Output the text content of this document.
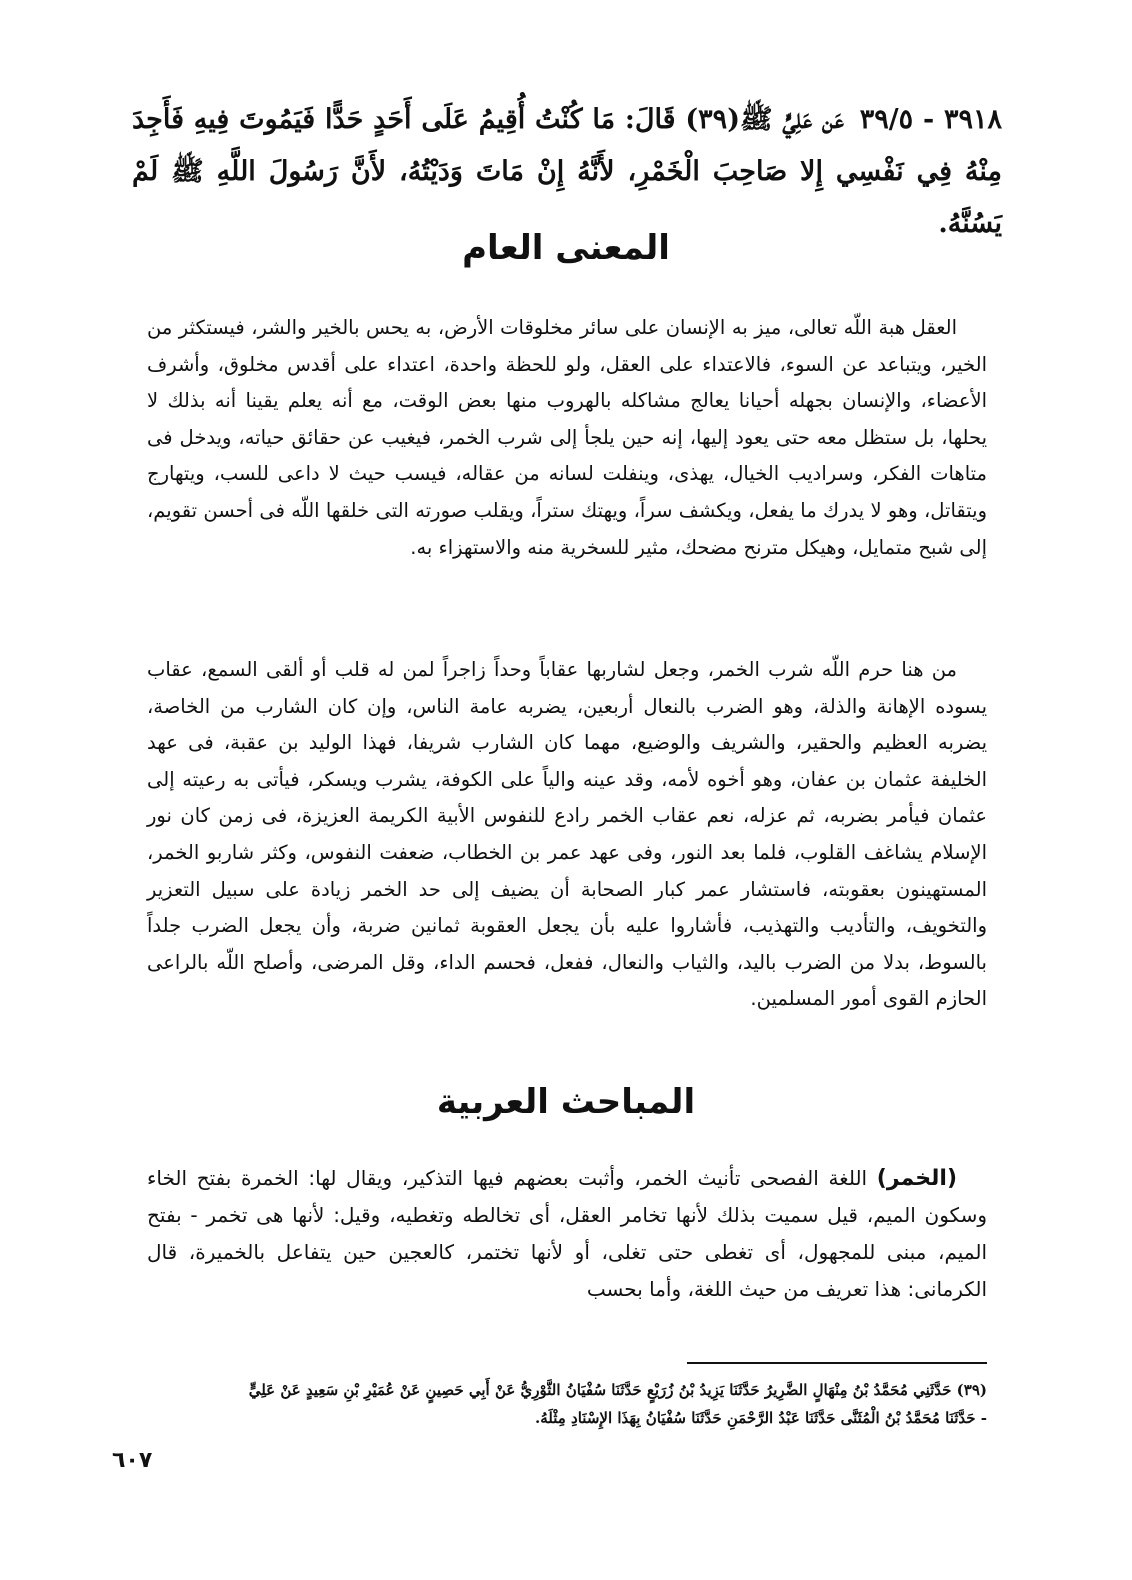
٣٩١٨ - ٣٩/٥ عَن عَلِيٍّ ﷺ(٣٩) قَالَ: مَا كُنْتُ أُقِيمُ عَلَى أَحَدٍ حَدًّا فَيَمُوتَ فِيهِ فَأَجِدَ مِنْهُ فِي نَفْسِي إِلا صَاحِبَ الْخَمْرِ، لأَنَّهُ إِنْ مَاتَ وَدَيْتُهُ، لأَنَّ رَسُولَ اللَّهِ ﷺ لَمْ يَسُنَّهُ.
المعنى العام

العقل هبة اللّه تعالى، ميز به الإنسان على سائر مخلوقات الأرض، به يحس بالخير والشر، فيستكثر من الخير، ويتباعد عن السوء، فالاعتداء على العقل، ولو للحظة واحدة، اعتداء على أقدس مخلوق، وأشرف الأعضاء، والإنسان بجهله أحيانا يعالج مشاكله بالهروب منها بعض الوقت، مع أنه يعلم يقينا أنه بذلك لا يحلها، بل ستظل معه حتى يعود إليها، إنه حين يلجأ إلى شرب الخمر، فيغيب عن حقائق حياته، ويدخل فى متاهات الفكر، وسراديب الخيال، يهذى، وينفلت لسانه من عقاله، فيسب حيث لا داعى للسب، ويتهارج ويتقاتل، وهو لا يدرك ما يفعل، ويكشف سراً، ويهتك ستراً، ويقلب صورته التى خلقها اللّه فى أحسن تقويم، إلى شبح متمايل، وهيكل مترنح مضحك، مثير للسخرية منه والاستهزاء به.

من هنا حرم اللّه شرب الخمر، وجعل لشاربها عقاباً وحداً زاجراً لمن له قلب أو ألقى السمع، عقاب يسوده الإهانة والذلة، وهو الضرب بالنعال أربعين، يضربه عامة الناس، وإن كان الشارب من الخاصة، يضربه العظيم والحقير، والشريف والوضيع، مهما كان الشارب شريفا، فهذا الوليد بن عقبة، فى عهد الخليفة عثمان بن عفان، وهو أخوه لأمه، وقد عينه والياً على الكوفة، يشرب ويسكر، فيأتى به رعيته إلى عثمان فيأمر بضربه، ثم عزله، نعم عقاب الخمر رادع للنفوس الأبية الكريمة العزيزة، فى زمن كان نور الإسلام يشاغف القلوب، فلما بعد النور، وفى عهد عمر بن الخطاب، ضعفت النفوس، وكثر شاربو الخمر، المستهينون بعقوبته، فاستشار عمر كبار الصحابة أن يضيف إلى حد الخمر زيادة على سبيل التعزير والتخويف، والتأديب والتهذيب، فأشاروا عليه بأن يجعل العقوبة ثمانين ضربة، وأن يجعل الضرب جلداً بالسوط، بدلا من الضرب باليد، والثياب والنعال، ففعل، فحسم الداء، وقل المرضى، وأصلح اللّه بالراعى الحازم القوى أمور المسلمين.

المباحث العربية

(الخمر) اللغة الفصحى تأنيث الخمر، وأثبت بعضهم فيها التذكير، ويقال لها: الخمرة بفتح الخاء وسكون الميم، قيل سميت بذلك لأنها تخامر العقل، أى تخالطه وتغطيه، وقيل: لأنها هى تخمر - بفتح الميم، مبنى للمجهول، أى تغطى حتى تغلى، أو لأنها تختمر، كالعجين حين يتفاعل بالخميرة، قال الكرمانى: هذا تعريف من حيث اللغة، وأما بحسب

(٣٩) حَدَّثَنِي مُحَمَّدُ بْنُ مِنْهَالٍ الضَّرِيرُ حَدَّثَنَا يَزِيدُ بْنُ زُرَيْعٍ حَدَّثَنَا سُفْيَانُ الثَّوْرِيُّ عَنْ أَبِي حَصِينٍ عَنْ عُمَيْرِ بْنِ سَعِيدٍ عَنْ عَلِيٍّ
- حَدَّثَنَا مُحَمَّدُ بْنُ الْمُثَنَّى حَدَّثَنَا عَبْدُ الرَّحْمَنِ حَدَّثَنَا سُفْيَانُ بِهَذَا الإِسْنَادِ مِثْلَهُ.

٦٠٧
